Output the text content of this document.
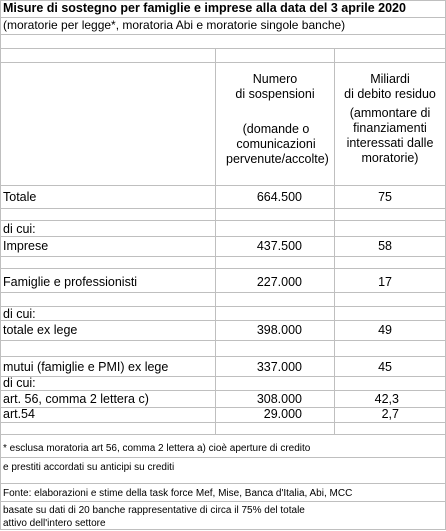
Misure di sostegno per famiglie e imprese alla data del 3 aprile 2020
(moratorie per legge*, moratoria Abi e moratorie singole banche)
Numero
di sospensioni
(domande o comunicazioni pervenute/accolte)
Miliardi
di debito residuo
(ammontare di finanziamenti interessati dalle moratorie)
Totale	664.500	75
di cui:
Imprese	437.500	58
Famiglie e professionisti	227.000	17
di cui:
totale ex lege	398.000	49
mutui (famiglie e PMI) ex lege	337.000	45
di cui:
art. 56, comma 2 lettera c)	308.000	42,3
art.54	29.000	2,7
* esclusa moratoria art 56, comma 2 lettera a) cioè aperture di credito
e prestiti accordati su anticipi su crediti
Fonte: elaborazioni e stime della task force Mef, Mise, Banca d'Italia, Abi, MCC
basate su dati di 20 banche rappresentative di circa il 75% del totale
attivo dell'intero settore
